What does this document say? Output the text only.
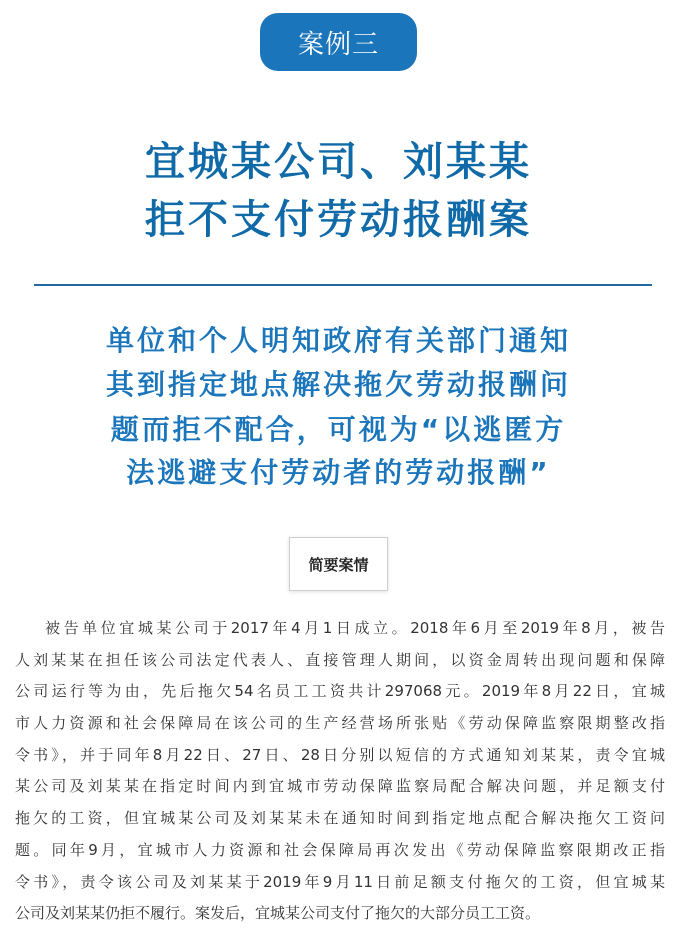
案例三
宜城某公司、刘某某
拒不支付劳动报酬案
单位和个人明知政府有关部门通知
其到指定地点解决拖欠劳动报酬问
题而拒不配合，可视为“以逃匿方
法逃避支付劳动者的劳动报酬”
简要案情
被告单位宜城某公司于2017年4月1日成立。2018年6月至2019年8月，被告
人刘某某在担任该公司法定代表人、直接管理人期间，以资金周转出现问题和保障
公司运行等为由，先后拖欠54名员工工资共计297068元。2019年8月22日，宜城
市人力资源和社会保障局在该公司的生产经营场所张贴《劳动保障监察限期整改指
令书》，并于同年8月22日、27日、28日分别以短信的方式通知刘某某，责令宜城
某公司及刘某某在指定时间内到宜城市劳动保障监察局配合解决问题，并足额支付
拖欠的工资，但宜城某公司及刘某某未在通知时间到指定地点配合解决拖欠工资问
题。同年9月，宜城市人力资源和社会保障局再次发出《劳动保障监察限期改正指
令书》，责令该公司及刘某某于2019年9月11日前足额支付拖欠的工资，但宜城某
公司及刘某某仍拒不履行。案发后，宜城某公司支付了拖欠的大部分员工工资。
